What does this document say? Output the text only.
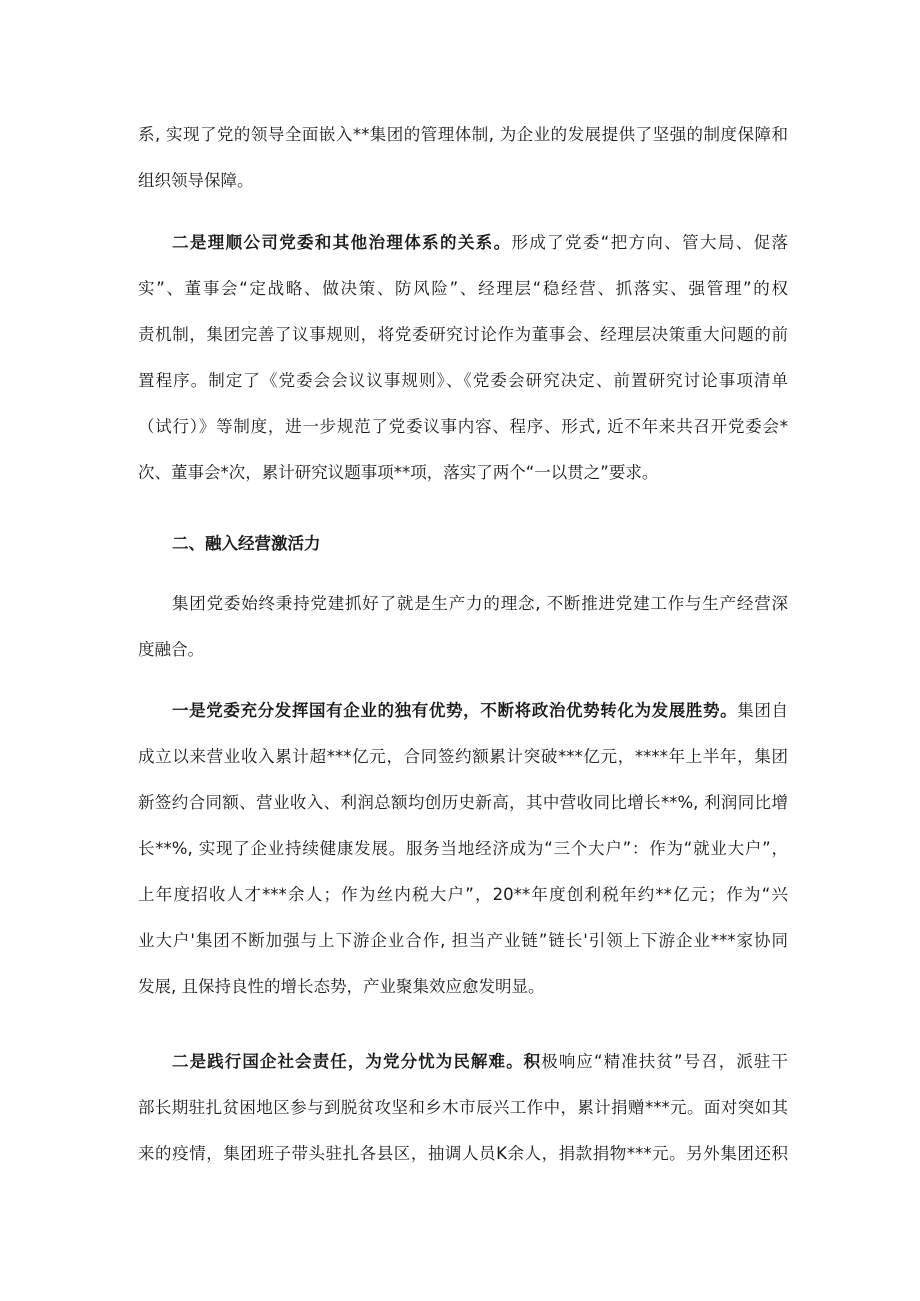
系, 实现了党的领导全面嵌入**集团的管理体制, 为企业的发展提供了坚强的制度保障和
组织领导保障。
二是理顺公司党委和其他治理体系的关系。形成了党委“把方向、管大局、促落
实”、董事会“定战略、做决策、防风险”、经理层“稳经营、抓落实、强管理”的权
责机制，集团完善了议事规则，将党委研究讨论作为董事会、经理层决策重大问题的前
置程序。制定了《党委会会议议事规则》、《党委会研究决定、前置研究讨论事项清单
（试行）》等制度，进一步规范了党委议事内容、程序、形式, 近不年来共召开党委会*
次、董事会*次，累计研究议题事项**项，落实了两个“一以贯之”要求。
二、融入经营激活力
集团党委始终秉持党建抓好了就是生产力的理念, 不断推进党建工作与生产经营深
度融合。
一是党委充分发挥国有企业的独有优势，不断将政治优势转化为发展胜势。集团自
成立以来营业收入累计超***亿元，合同签约额累计突破***亿元，****年上半年，集团
新签约合同额、营业收入、利润总额均创历史新高，其中营收同比增长**%, 利润同比增
长**%, 实现了企业持续健康发展。服务当地经济成为“三个大户”：作为“就业大户”，
上年度招收人才***余人；作为丝内税大户”，20**年度创利税年约**亿元；作为“兴
业大户'集团不断加强与上下游企业合作, 担当产业链”链长'引领上下游企业***家协同
发展, 且保持良性的增长态势，产业聚集效应愈发明显。
二是践行国企社会责任，为党分忧为民解难。积极响应“精准扶贫”号召，派驻干
部长期驻扎贫困地区参与到脱贫攻坚和乡木市辰兴工作中，累计捐赠***元。面对突如其
来的疫情，集团班子带头驻扎各县区，抽调人员K余人，捐款捐物***元。另外集团还积
